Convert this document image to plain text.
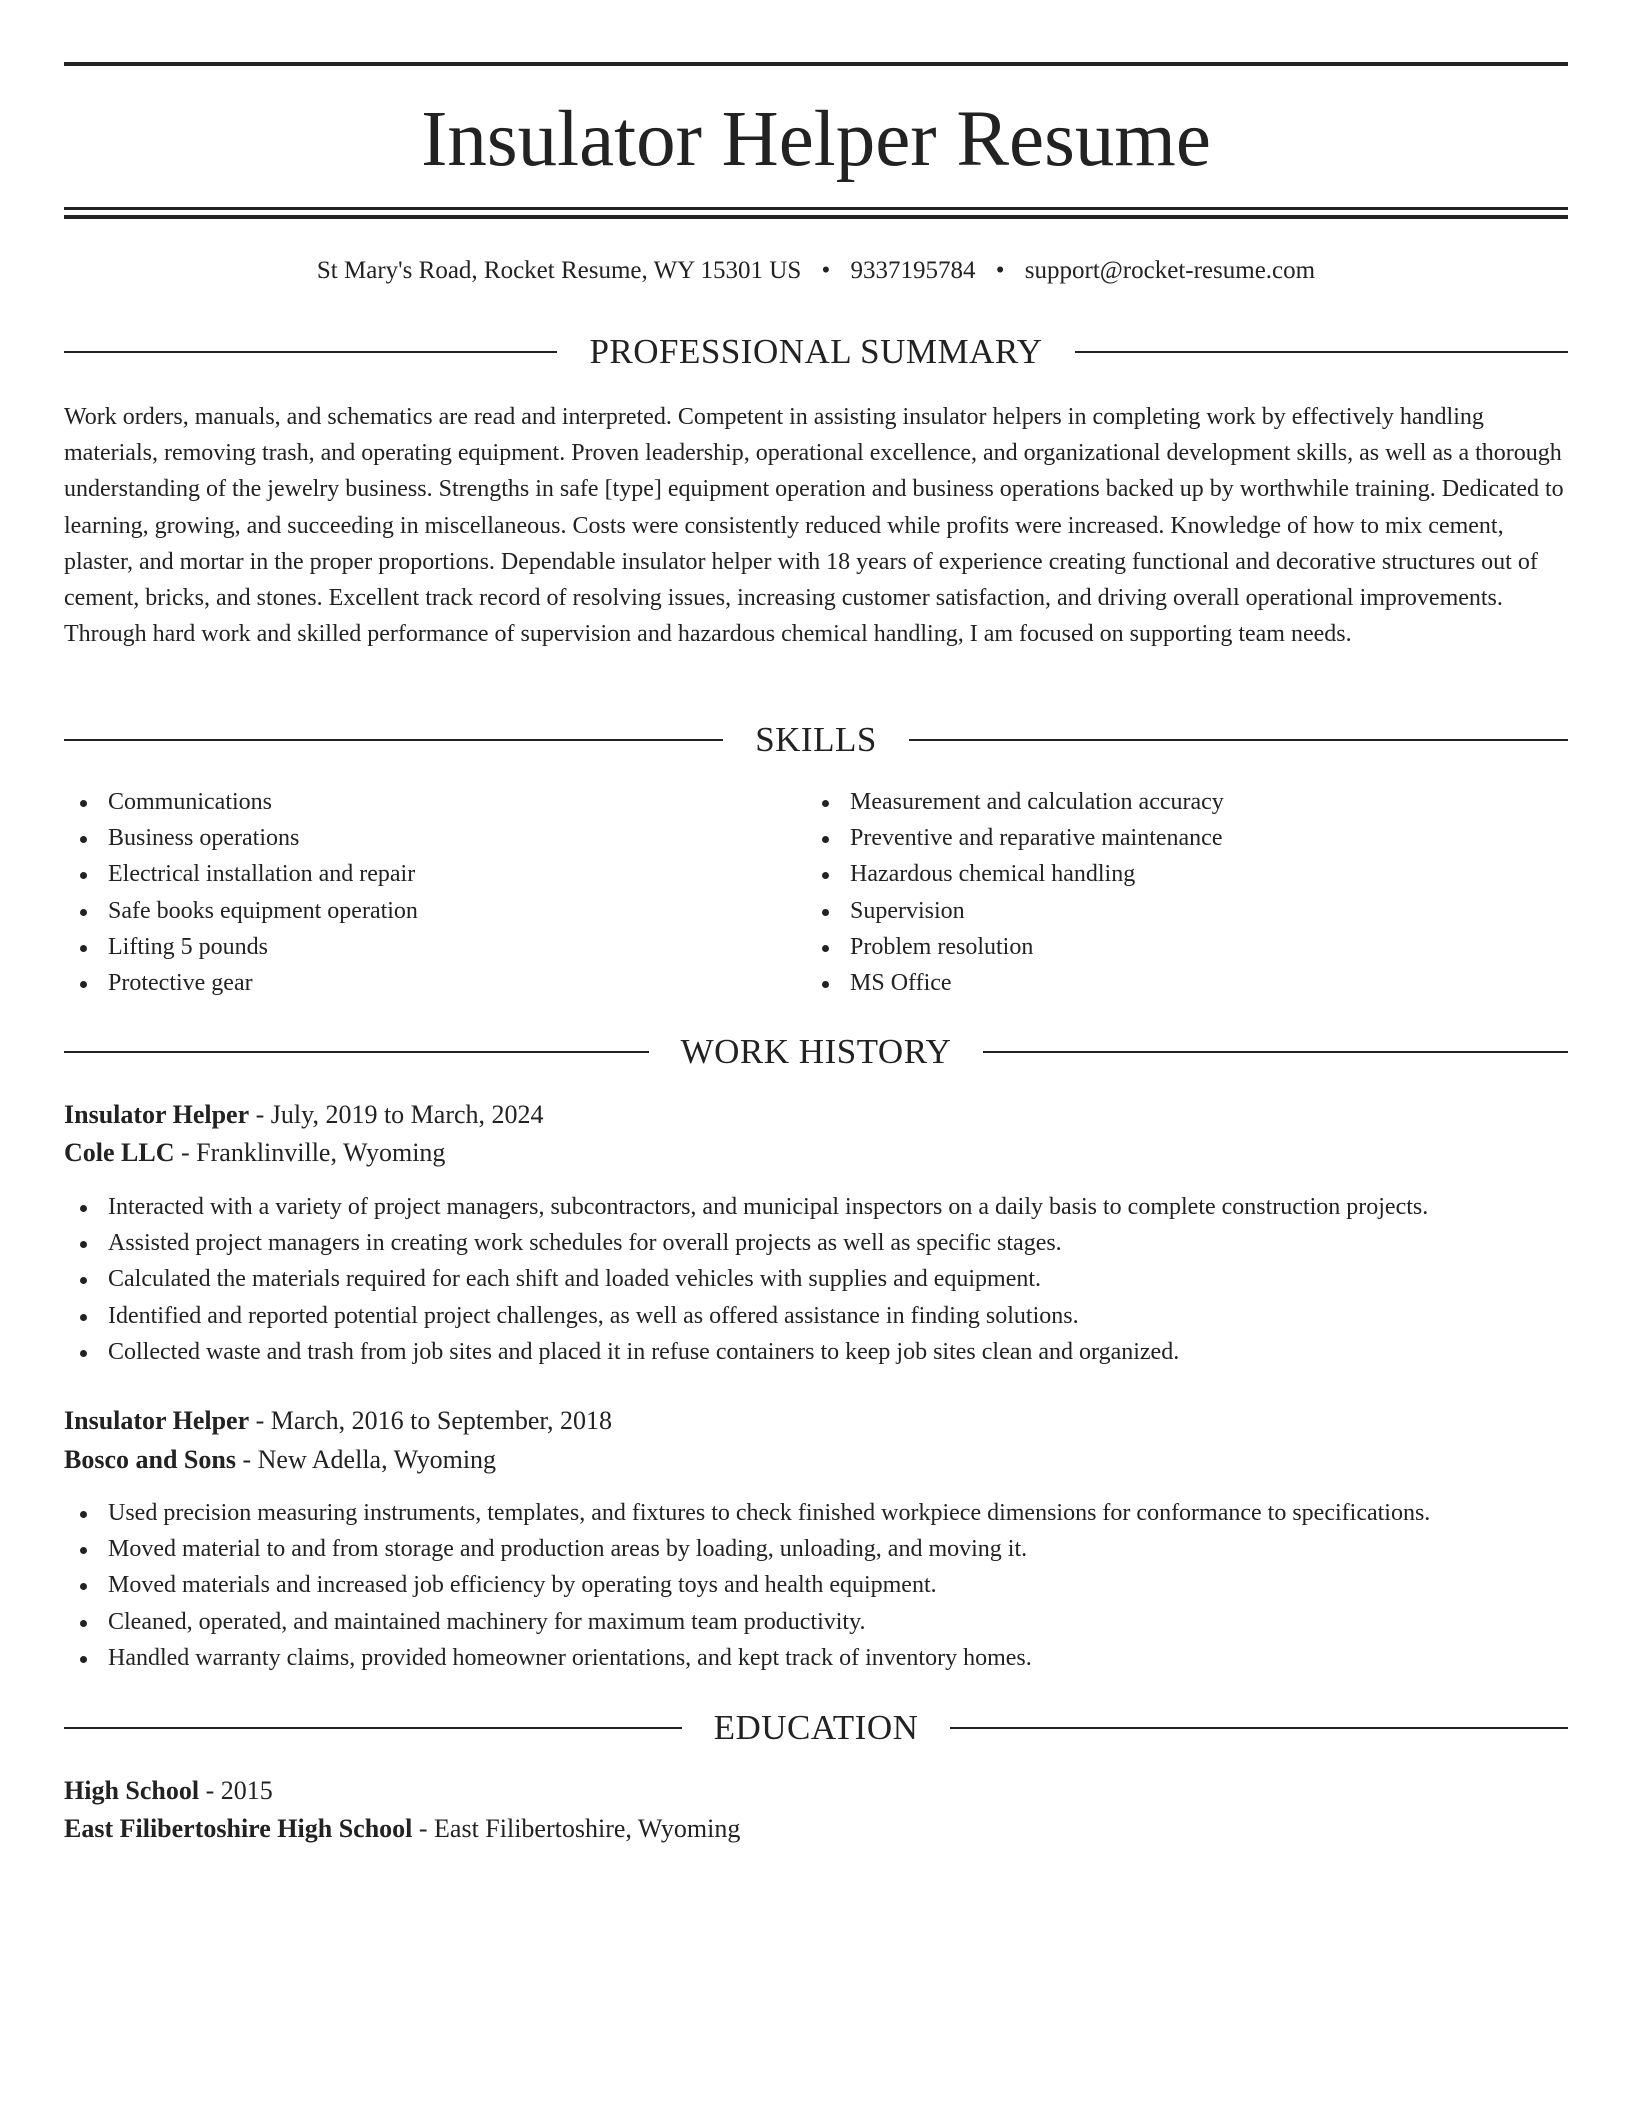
Insulator Helper Resume
St Mary's Road, Rocket Resume, WY 15301 US • 9337195784 • support@rocket-resume.com
PROFESSIONAL SUMMARY

Work orders, manuals, and schematics are read and interpreted. Competent in assisting insulator helpers in completing work by effectively handling materials, removing trash, and operating equipment. Proven leadership, operational excellence, and organizational development skills, as well as a thorough understanding of the jewelry business. Strengths in safe [type] equipment operation and business operations backed up by worthwhile training. Dedicated to learning, growing, and succeeding in miscellaneous. Costs were consistently reduced while profits were increased. Knowledge of how to mix cement, plaster, and mortar in the proper proportions. Dependable insulator helper with 18 years of experience creating functional and decorative structures out of cement, bricks, and stones. Excellent track record of resolving issues, increasing customer satisfaction, and driving overall operational improvements. Through hard work and skilled performance of supervision and hazardous chemical handling, I am focused on supporting team needs.

SKILLS
Communications
Business operations
Electrical installation and repair
Safe books equipment operation
Lifting 5 pounds
Protective gear
Measurement and calculation accuracy
Preventive and reparative maintenance
Hazardous chemical handling
Supervision
Problem resolution
MS Office
WORK HISTORY
Insulator Helper - July, 2019 to March, 2024
Cole LLC - Franklinville, Wyoming
Interacted with a variety of project managers, subcontractors, and municipal inspectors on a daily basis to complete construction projects.
Assisted project managers in creating work schedules for overall projects as well as specific stages.
Calculated the materials required for each shift and loaded vehicles with supplies and equipment.
Identified and reported potential project challenges, as well as offered assistance in finding solutions.
Collected waste and trash from job sites and placed it in refuse containers to keep job sites clean and organized.
Insulator Helper - March, 2016 to September, 2018
Bosco and Sons - New Adella, Wyoming
Used precision measuring instruments, templates, and fixtures to check finished workpiece dimensions for conformance to specifications.
Moved material to and from storage and production areas by loading, unloading, and moving it.
Moved materials and increased job efficiency by operating toys and health equipment.
Cleaned, operated, and maintained machinery for maximum team productivity.
Handled warranty claims, provided homeowner orientations, and kept track of inventory homes.
EDUCATION
High School - 2015
East Filibertoshire High School - East Filibertoshire, Wyoming
